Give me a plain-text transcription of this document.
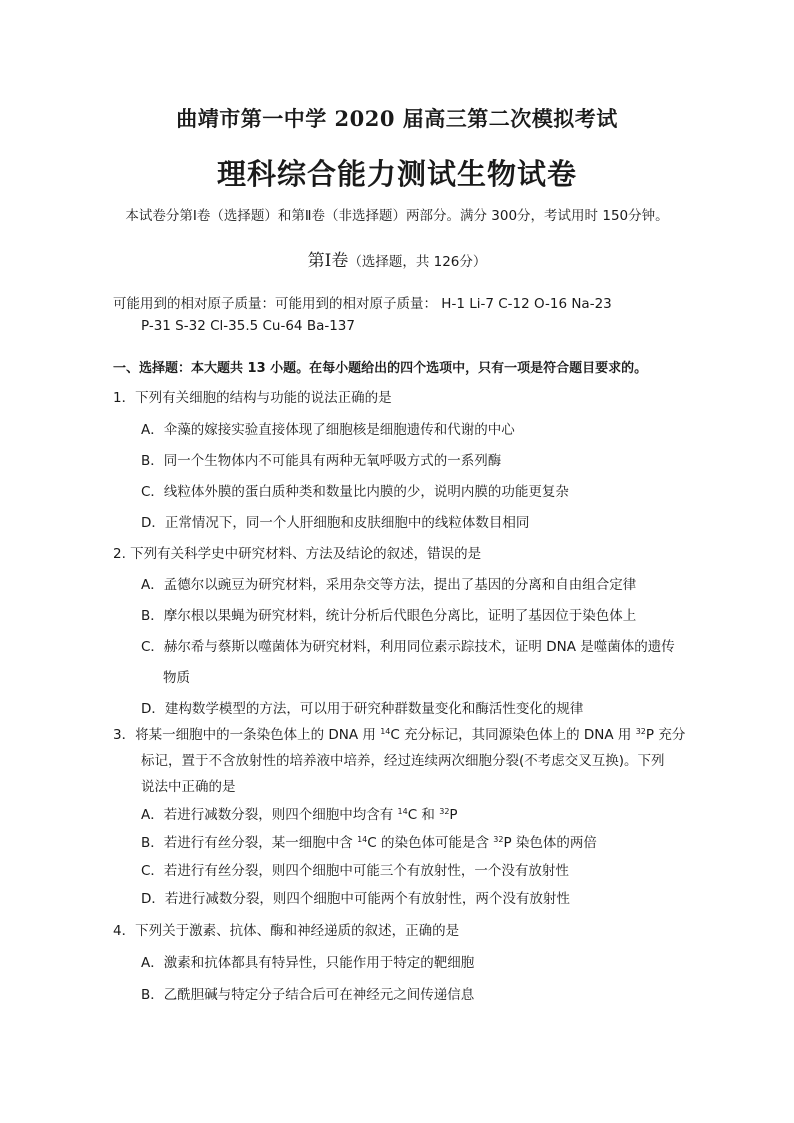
曲靖市第一中学 2020 届高三第二次模拟考试
理科综合能力测试生物试卷
本试卷分第Ⅰ卷（选择题）和第Ⅱ卷（非选择题）两部分。满分 300分，考试用时 150分钟。
第Ⅰ卷（选择题，共 126分）
可能用到的相对原子质量：可能用到的相对原子质量： H-1 Li-7 C-12 O-16 Na-23
P-31 S-32 Cl-35.5 Cu-64 Ba-137
一、选择题：本大题共 13 小题。在每小题给出的四个选项中，只有一项是符合题目要求的。
1．下列有关细胞的结构与功能的说法正确的是
A．伞藻的嫁接实验直接体现了细胞核是细胞遗传和代谢的中心
B．同一个生物体内不可能具有两种无氧呼吸方式的一系列酶
C．线粒体外膜的蛋白质种类和数量比内膜的少，说明内膜的功能更复杂
D．正常情况下，同一个人肝细胞和皮肤细胞中的线粒体数目相同
2. 下列有关科学史中研究材料、方法及结论的叙述，错误的是
A．孟德尔以豌豆为研究材料，采用杂交等方法，提出了基因的分离和自由组合定律
B．摩尔根以果蝇为研究材料，统计分析后代眼色分离比，证明了基因位于染色体上
C．赫尔希与蔡斯以噬菌体为研究材料，利用同位素示踪技术，证明 DNA 是噬菌体的遗传
物质
D．建构数学模型的方法，可以用于研究种群数量变化和酶活性变化的规律
3．将某一细胞中的一条染色体上的 DNA 用 $^{14}$C 充分标记，其同源染色体上的 DNA 用 $^{32}$P 充分
标记，置于不含放射性的培养液中培养，经过连续两次细胞分裂(不考虑交叉互换)。下列
说法中正确的是
A．若进行减数分裂，则四个细胞中均含有 $^{14}$C 和 $^{32}$P
B．若进行有丝分裂，某一细胞中含 $^{14}$C 的染色体可能是含 $^{32}$P 染色体的两倍
C．若进行有丝分裂，则四个细胞中可能三个有放射性，一个没有放射性
D．若进行减数分裂，则四个细胞中可能两个有放射性，两个没有放射性
4．下列关于激素、抗体、酶和神经递质的叙述，正确的是
A．激素和抗体都具有特异性，只能作用于特定的靶细胞
B．乙酰胆碱与特定分子结合后可在神经元之间传递信息
